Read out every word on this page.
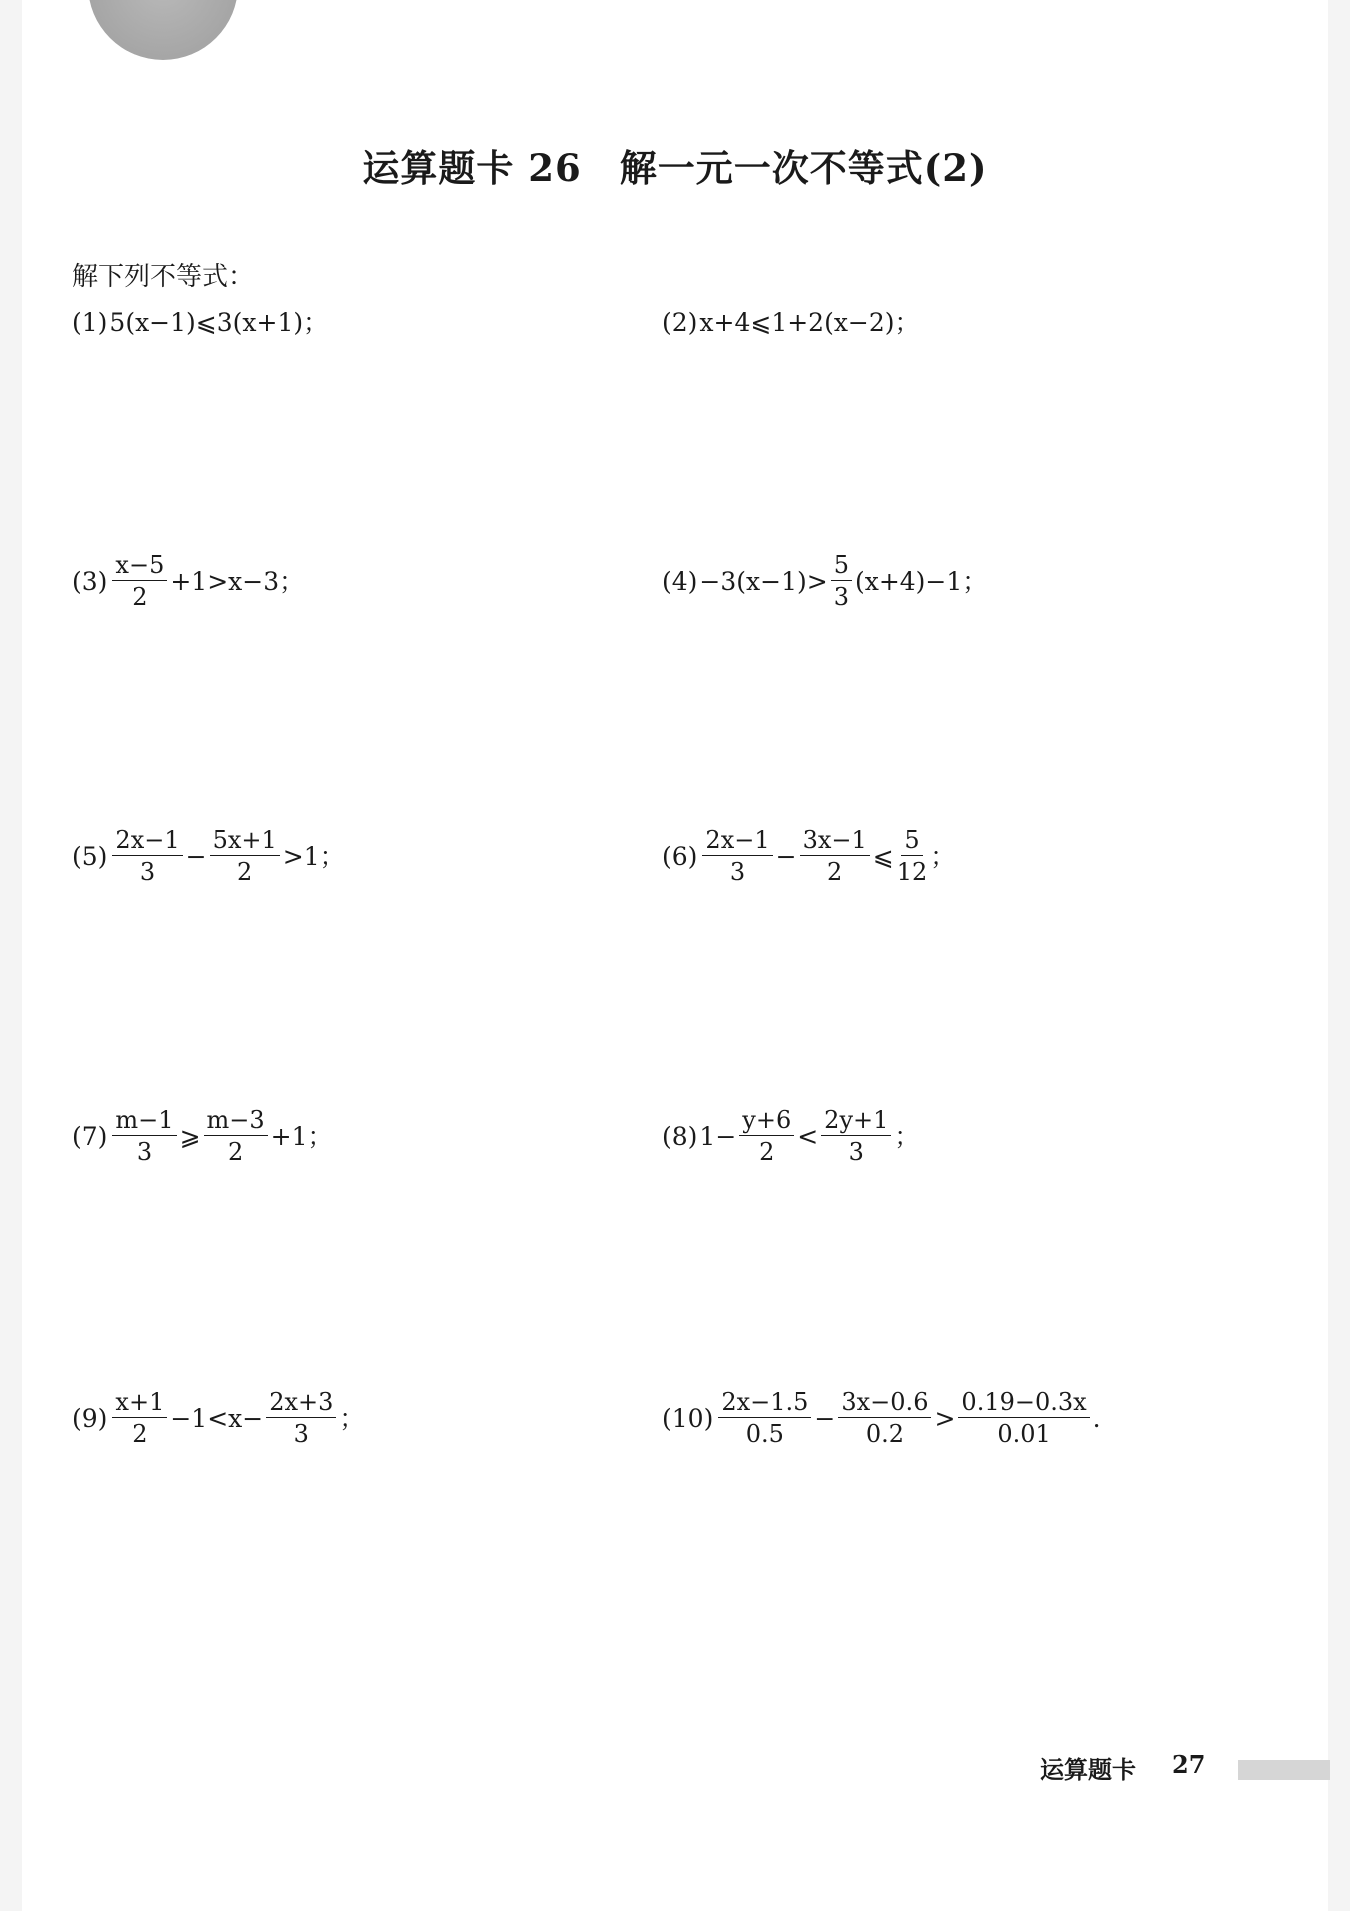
运算题卡 26　解一元一次不等式(2)
解下列不等式：
(1) 5(x−1)⩽3(x+1)；	(2) x+4⩽1+2(x−2)；
$(3) \frac{x-5}{2} +1>x-3$；	$(4) -3(x-1)> \frac{5}{3} (x+4)-1$；
$(5) \frac{2x-1}{3} - \frac{5x+1}{2} >1$；	$(6) \frac{2x-1}{3} - \frac{3x-1}{2}$ ⩽ $\frac{5}{12}$ ；
$(7) \frac{m-1}{3}$ ⩾ $\frac{m-3}{2} +1$；	(8) $1- \frac{y+6}{2} < \frac{2y+1}{3}$ ；
$(9) \frac{x+1}{2} -1<x- \frac{2x+3}{3}$ ；	$(10) \frac{2x-1.5}{0.5} - \frac{3x-0.6}{0.2} > \frac{0.19-0.3x}{0.01}$ .
运算题卡 27
